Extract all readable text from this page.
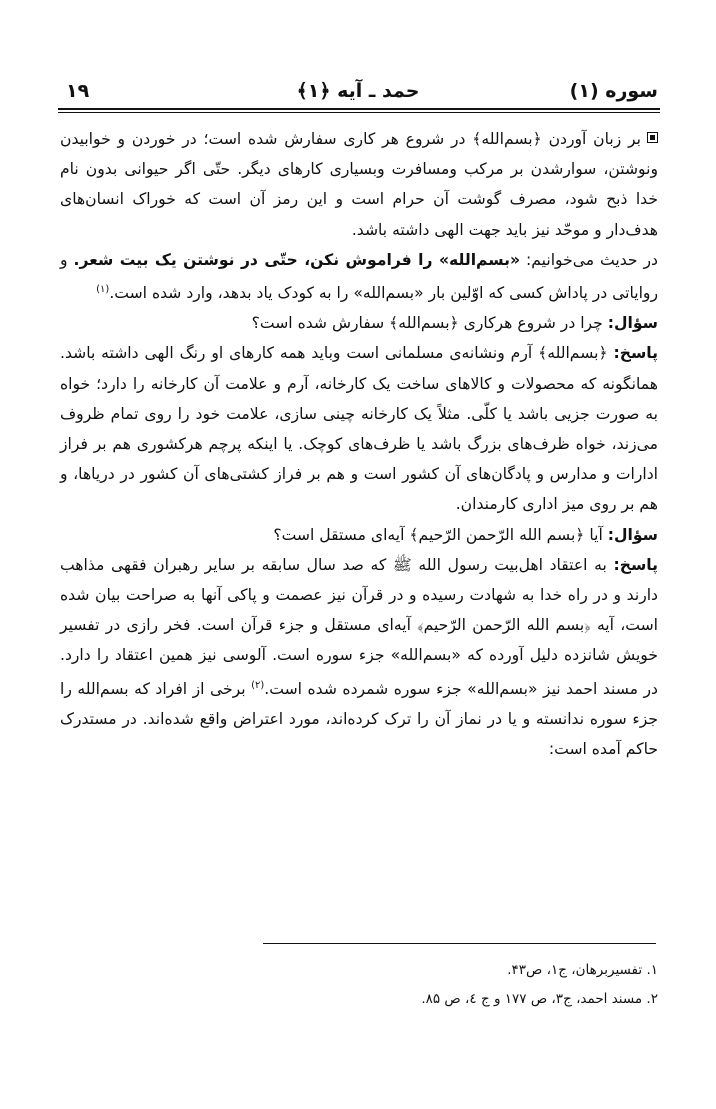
سوره (۱)
حمد ـ آیه ﴿۱﴾
۱۹

بر زبان آوردن ﴿بسم‌الله﴾ در شروع هر کاری سفارش شده است؛ در خوردن و خوابیدن ونوشتن، سوارشدن بر مرکب ومسافرت وبسیاری کارهای دیگر. حتّی اگر حیوانی بدون نام خدا ذبح شود، مصرف گوشت آن حرام است و این رمز آن است که خوراک انسان‌های هدف‌دار و موحّد نیز باید جهت الهی داشته باشد.

در حدیث می‌خوانیم: «بسم‌الله» را فراموش نکن، حتّی در نوشتن یک بیت شعر. و روایاتی در پاداش کسی که اوّلین بار «بسم‌الله» را به کودک یاد بدهد، وارد شده است.$^{(۱)}$

سؤال: چرا در شروع هرکاری ﴿بسم‌الله﴾ سفارش شده است؟

پاسخ: ﴿بسم‌الله﴾ آرم ونشانه‌ی مسلمانی است وباید همه کارهای او رنگ الهی داشته باشد. همانگونه که محصولات و کالاهای ساخت یک کارخانه، آرم و علامت آن کارخانه را دارد؛ خواه به صورت جزیی باشد یا کلّی. مثلاً یک کارخانه چینی سازی، علامت خود را روی تمام ظروف می‌زند، خواه ظرف‌های بزرگ باشد یا ظرف‌های کوچک. یا اینکه پرچم هرکشوری هم بر فراز ادارات و مدارس و پادگان‌های آن کشور است و هم بر فراز کشتی‌های آن کشور در دریاها، و هم بر روی میز اداری کارمندان.

سؤال: آیا ﴿بسم الله الرّحمن الرّحیم﴾ آیه‌ای مستقل است؟

پاسخ: به اعتقاد اهل‌بیت رسول الله ﷺ که صد سال سابقه بر سایر رهبران فقهی مذاهب دارند و در راه خدا به شهادت رسیده و در قرآن نیز عصمت و پاکی آنها به صراحت بیان شده است، آیه ﴿بسم الله الرّحمن الرّحیم﴾ آیه‌ای مستقل و جزء قرآن است. فخر رازی در تفسیر خویش شانزده دلیل آورده که «بسم‌الله» جزء سوره است. آلوسی نیز همین اعتقاد را دارد. در مسند احمد نیز «بسم‌الله» جزء سوره شمرده شده است.$^{(۲)}$ برخی از افراد که بسم‌الله را جزء سوره ندانسته و یا در نماز آن را ترک کرده‌اند، مورد اعتراض واقع شده‌اند. در مستدرک حاکم آمده است:

۱. تفسیربرهان، ج۱، ص۴۳.
۲. مسند احمد، ج۳، ص ۱۷۷ و ج ٤، ص ۸۵.
